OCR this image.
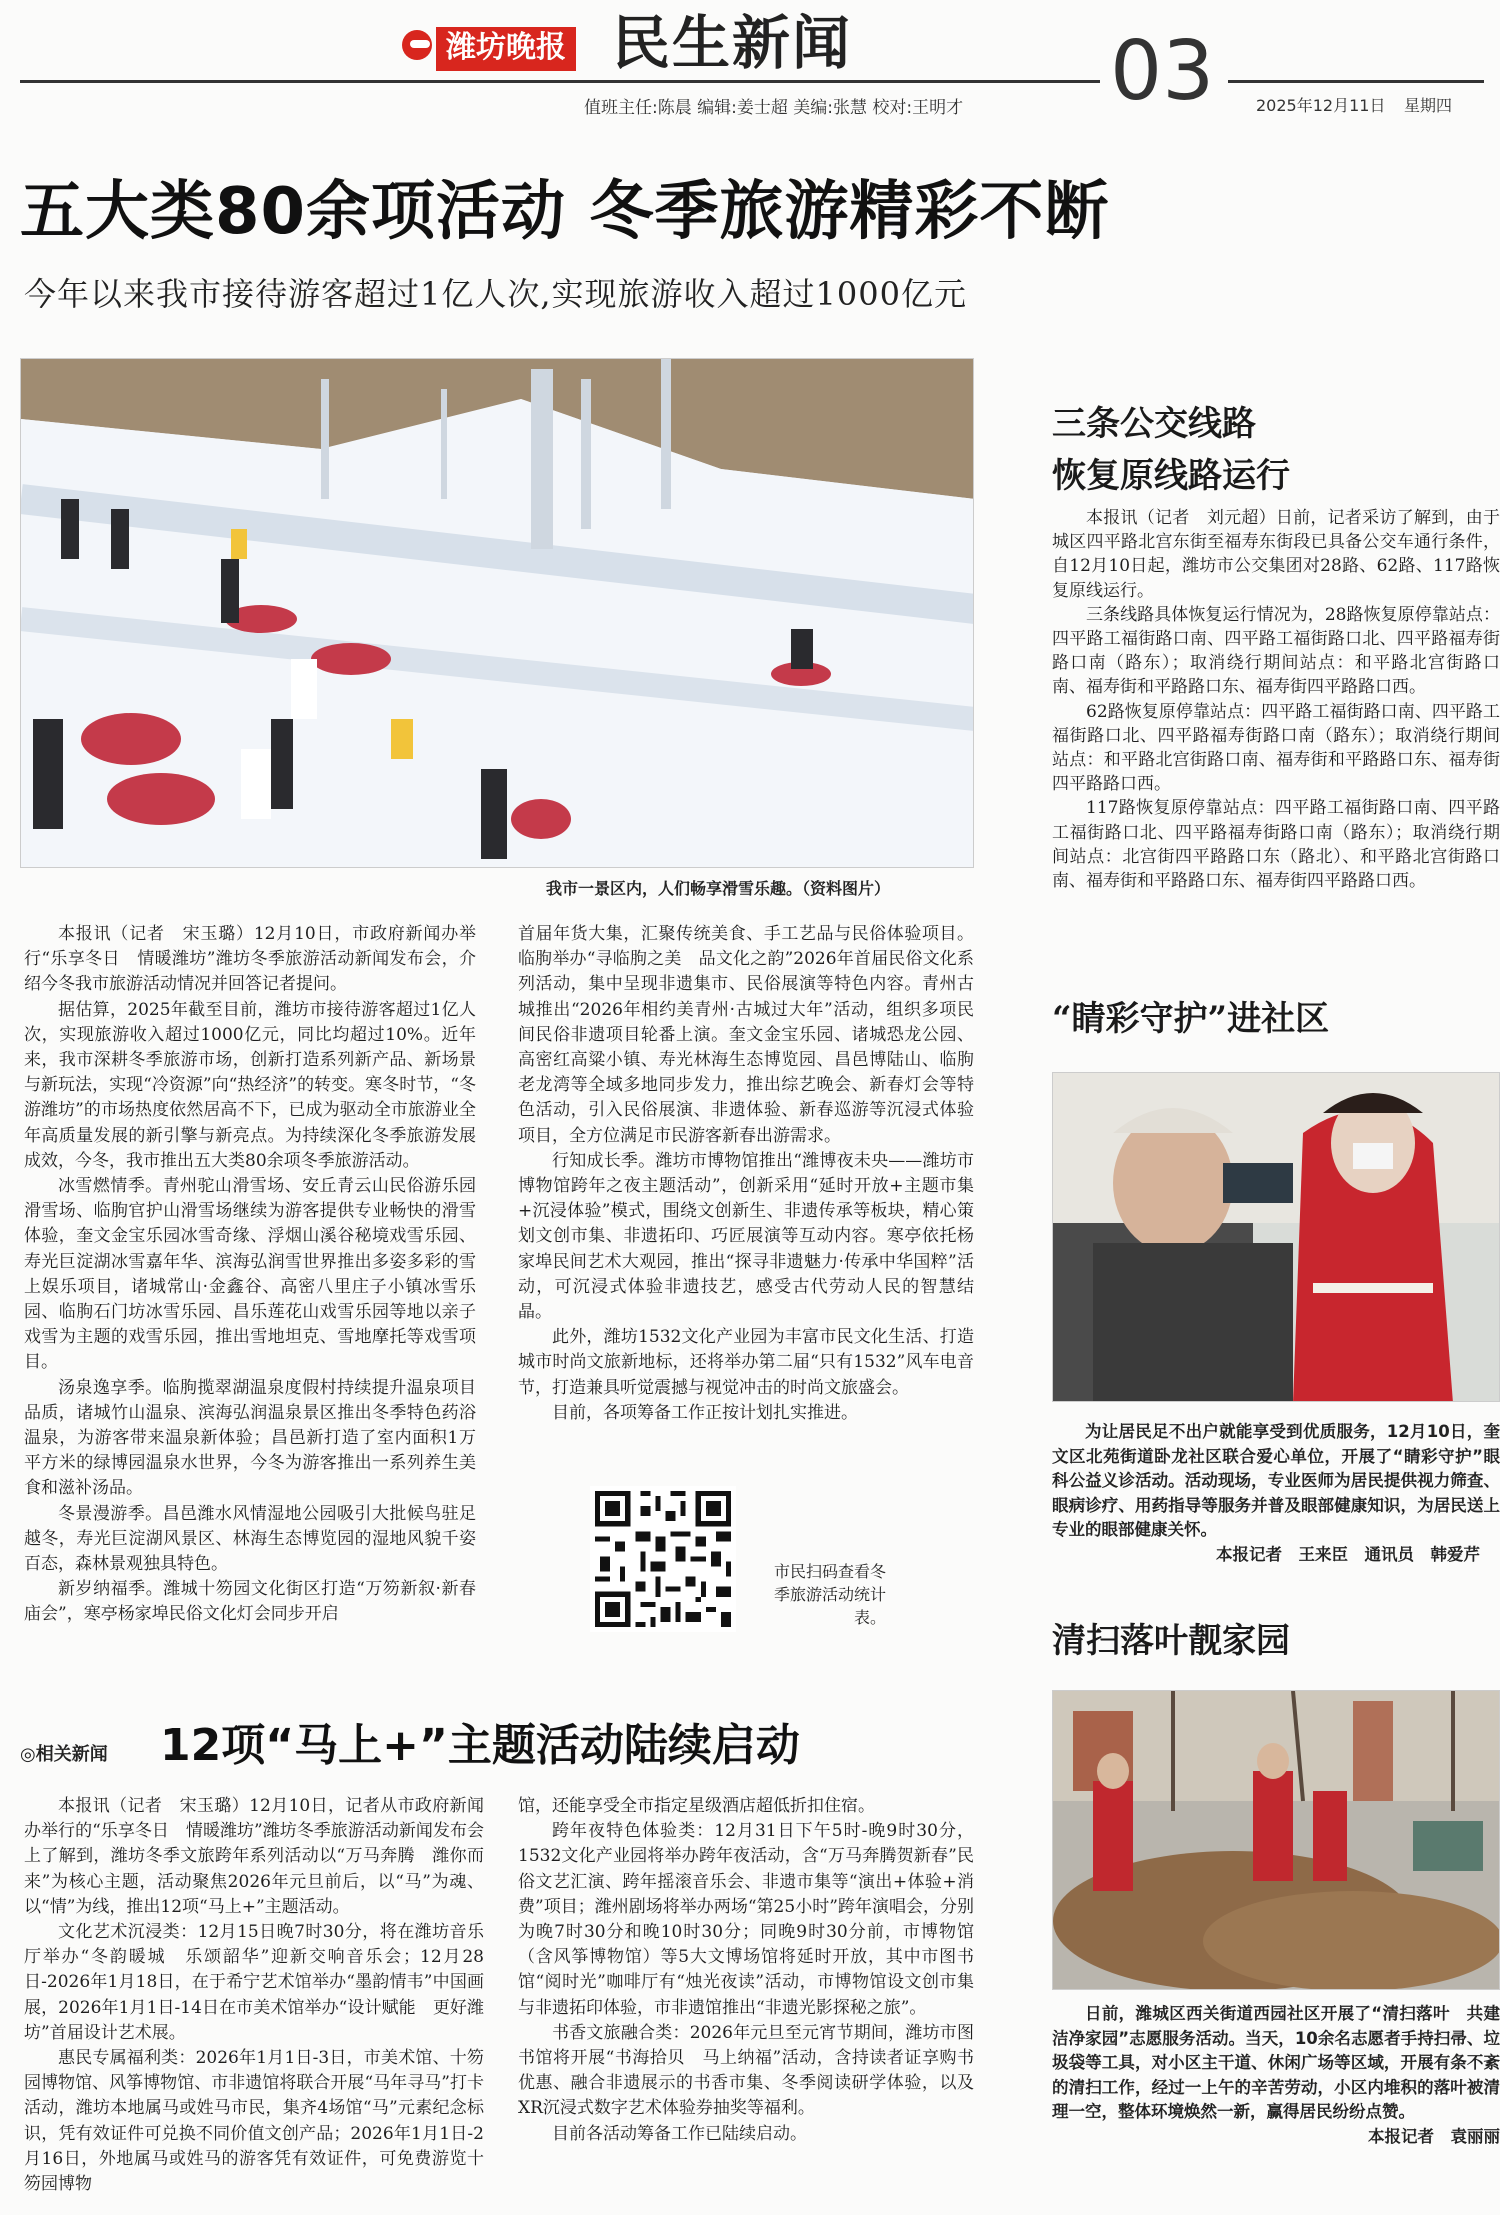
潍坊晚报 民生新闻	03
值班主任:陈晨 编辑:姜士超 美编:张慧 校对:王明才	2025年12月11日 星期四
五大类80余项活动 冬季旅游精彩不断
今年以来我市接待游客超过1亿人次,实现旅游收入超过1000亿元
我市一景区内，人们畅享滑雪乐趣。（资料图片）

本报讯（记者　宋玉璐）12月10日，市政府新闻办举行“乐享冬日　情暖潍坊”潍坊冬季旅游活动新闻发布会，介绍今冬我市旅游活动情况并回答记者提问。

据估算，2025年截至目前，潍坊市接待游客超过1亿人次，实现旅游收入超过1000亿元，同比均超过10%。近年来，我市深耕冬季旅游市场，创新打造系列新产品、新场景与新玩法，实现“冷资源”向“热经济”的转变。寒冬时节，“冬游潍坊”的市场热度依然居高不下，已成为驱动全市旅游业全年高质量发展的新引擎与新亮点。为持续深化冬季旅游发展成效，今冬，我市推出五大类80余项冬季旅游活动。

冰雪燃情季。青州驼山滑雪场、安丘青云山民俗游乐园滑雪场、临朐官护山滑雪场继续为游客提供专业畅快的滑雪体验，奎文金宝乐园冰雪奇缘、浮烟山溪谷秘境戏雪乐园、寿光巨淀湖冰雪嘉年华、滨海弘润雪世界推出多姿多彩的雪上娱乐项目，诸城常山·金鑫谷、高密八里庄子小镇冰雪乐园、临朐石门坊冰雪乐园、昌乐莲花山戏雪乐园等地以亲子戏雪为主题的戏雪乐园，推出雪地坦克、雪地摩托等戏雪项目。

汤泉逸享季。临朐揽翠湖温泉度假村持续提升温泉项目品质，诸城竹山温泉、滨海弘润温泉景区推出冬季特色药浴温泉，为游客带来温泉新体验；昌邑新打造了室内面积1万平方米的绿博园温泉水世界，今冬为游客推出一系列养生美食和滋补汤品。

冬景漫游季。昌邑潍水风情湿地公园吸引大批候鸟驻足越冬，寿光巨淀湖风景区、林海生态博览园的湿地风貌千姿百态，森林景观独具特色。

新岁纳福季。潍城十笏园文化街区打造“万笏新叙·新春庙会”，寒亭杨家埠民俗文化灯会同步开启

首届年货大集，汇聚传统美食、手工艺品与民俗体验项目。临朐举办“寻临朐之美　品文化之韵”2026年首届民俗文化系列活动，集中呈现非遗集市、民俗展演等特色内容。青州古城推出“2026年相约美青州·古城过大年”活动，组织多项民间民俗非遗项目轮番上演。奎文金宝乐园、诸城恐龙公园、高密红高粱小镇、寿光林海生态博览园、昌邑博陆山、临朐老龙湾等全域多地同步发力，推出综艺晚会、新春灯会等特色活动，引入民俗展演、非遗体验、新春巡游等沉浸式体验项目，全方位满足市民游客新春出游需求。

行知成长季。潍坊市博物馆推出“潍博夜未央——潍坊市博物馆跨年之夜主题活动”，创新采用“延时开放+主题市集+沉浸体验”模式，围绕文创新生、非遗传承等板块，精心策划文创市集、非遗拓印、巧匠展演等互动内容。寒亭依托杨家埠民间艺术大观园，推出“探寻非遗魅力·传承中华国粹”活动，可沉浸式体验非遗技艺，感受古代劳动人民的智慧结晶。

此外，潍坊1532文化产业园为丰富市民文化生活、打造城市时尚文旅新地标，还将举办第二届“只有1532”风车电音节，打造兼具听觉震撼与视觉冲击的时尚文旅盛会。

目前，各项筹备工作正按计划扎实推进。

市民扫码查看冬季旅游活动统计表。
◎相关新闻 12项“马上+”主题活动陆续启动

本报讯（记者　宋玉璐）12月10日，记者从市政府新闻办举行的“乐享冬日　情暖潍坊”潍坊冬季旅游活动新闻发布会上了解到，潍坊冬季文旅跨年系列活动以“万马奔腾　潍你而来”为核心主题，活动聚焦2026年元旦前后，以“马”为魂、以“情”为线，推出12项“马上+”主题活动。

文化艺术沉浸类：12月15日晚7时30分，将在潍坊音乐厅举办“冬韵暖城　乐颂韶华”迎新交响音乐会；12月28日-2026年1月18日，在于希宁艺术馆举办“墨韵情韦”中国画展，2026年1月1日-14日在市美术馆举办“设计赋能　更好潍坊”首届设计艺术展。

惠民专属福利类：2026年1月1日-3日，市美术馆、十笏园博物馆、风筝博物馆、市非遗馆将联合开展“马年寻马”打卡活动，潍坊本地属马或姓马市民，集齐4场馆“马”元素纪念标识，凭有效证件可兑换不同价值文创产品；2026年1月1日-2月16日，外地属马或姓马的游客凭有效证件，可免费游览十笏园博物

馆，还能享受全市指定星级酒店超低折扣住宿。

跨年夜特色体验类：12月31日下午5时-晚9时30分，1532文化产业园将举办跨年夜活动，含“万马奔腾贺新春”民俗文艺汇演、跨年摇滚音乐会、非遗市集等“演出+体验+消费”项目；潍州剧场将举办两场“第25小时”跨年演唱会，分别为晚7时30分和晚10时30分；同晚9时30分前，市博物馆（含风筝博物馆）等5大文博场馆将延时开放，其中市图书馆“阅时光”咖啡厅有“烛光夜读”活动，市博物馆设文创市集与非遗拓印体验，市非遗馆推出“非遗光影探秘之旅”。

书香文旅融合类：2026年元旦至元宵节期间，潍坊市图书馆将开展“书海拾贝　马上纳福”活动，含持读者证享购书优惠、融合非遗展示的书香市集、冬季阅读研学体验，以及XR沉浸式数字艺术体验券抽奖等福利。

目前各活动筹备工作已陆续启动。

三条公交线路
恢复原线路运行

本报讯（记者　刘元超）日前，记者采访了解到，由于城区四平路北宫东街至福寿东街段已具备公交车通行条件，自12月10日起，潍坊市公交集团对28路、62路、117路恢复原线运行。

三条线路具体恢复运行情况为，28路恢复原停靠站点：四平路工福街路口南、四平路工福街路口北、四平路福寿街路口南（路东）；取消绕行期间站点：和平路北宫街路口南、福寿街和平路路口东、福寿街四平路路口西。

62路恢复原停靠站点：四平路工福街路口南、四平路工福街路口北、四平路福寿街路口南（路东）；取消绕行期间站点：和平路北宫街路口南、福寿街和平路路口东、福寿街四平路路口西。

117路恢复原停靠站点：四平路工福街路口南、四平路工福街路口北、四平路福寿街路口南（路东）；取消绕行期间站点：北宫街四平路路口东（路北）、和平路北宫街路口南、福寿街和平路路口东、福寿街四平路路口西。

“睛彩守护”进社区

为让居民足不出户就能享受到优质服务，12月10日，奎文区北苑街道卧龙社区联合爱心单位，开展了“睛彩守护”眼科公益义诊活动。活动现场，专业医师为居民提供视力筛查、眼病诊疗、用药指导等服务并普及眼部健康知识，为居民送上专业的眼部健康关怀。

本报记者　王来臣　通讯员　韩爱芹
清扫落叶靓家园

日前，潍城区西关街道西园社区开展了“清扫落叶　共建洁净家园”志愿服务活动。当天，10余名志愿者手持扫帚、垃圾袋等工具，对小区主干道、休闲广场等区域，开展有条不紊的清扫工作，经过一上午的辛苦劳动，小区内堆积的落叶被清理一空，整体环境焕然一新，赢得居民纷纷点赞。

本报记者　袁丽丽
